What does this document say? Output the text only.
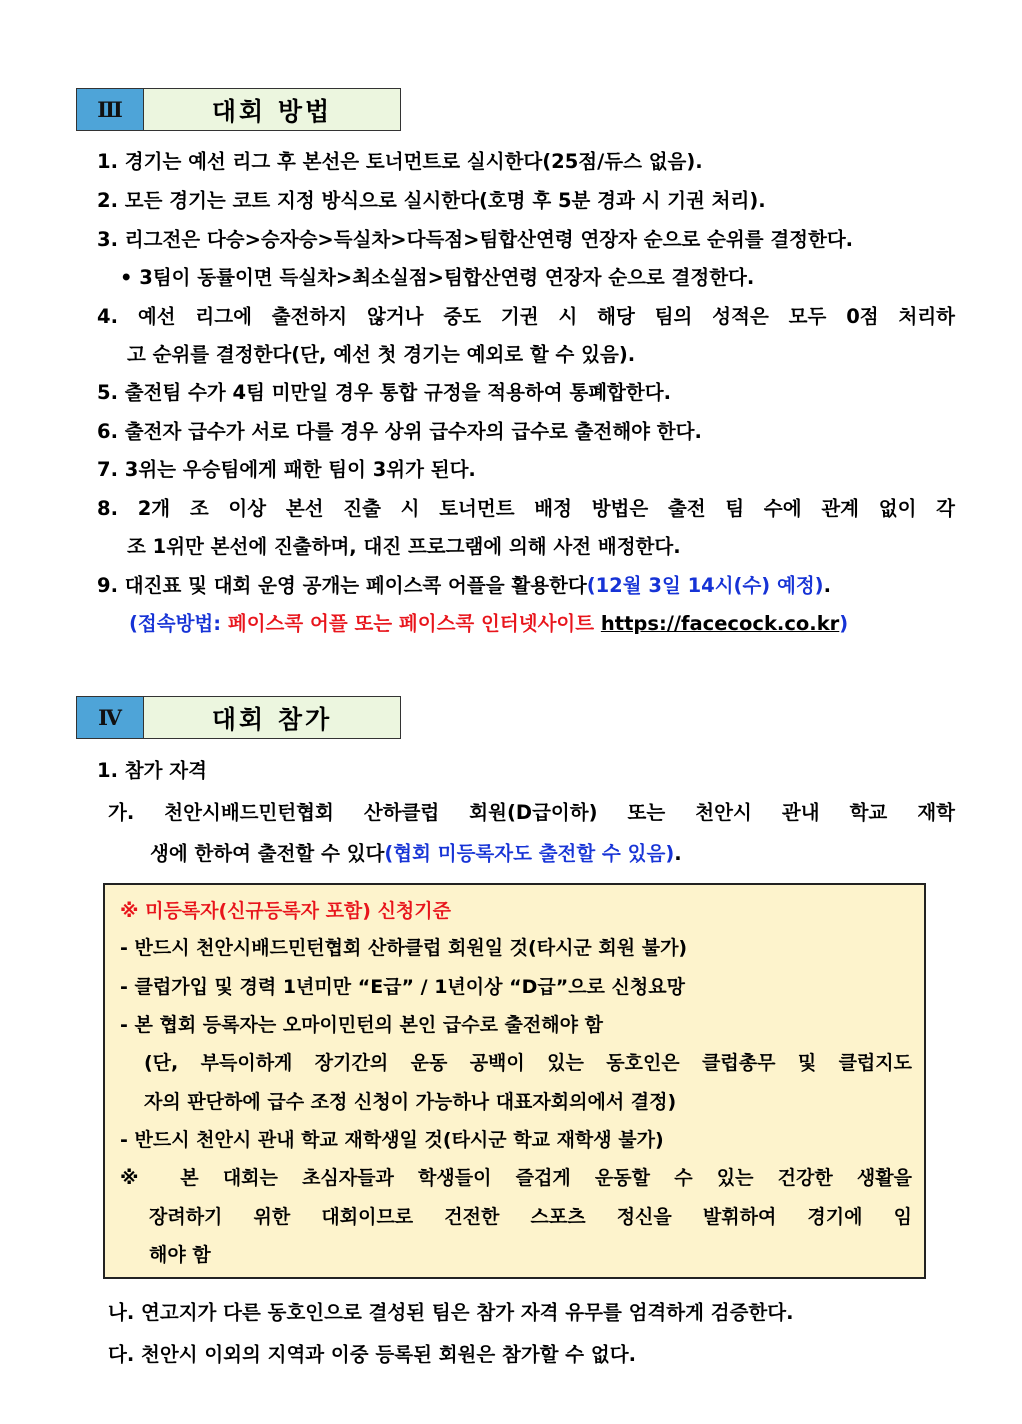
Ⅲ	대회 방법
1. 경기는 예선 리그 후 본선은 토너먼트로 실시한다(25점/듀스 없음).
2. 모든 경기는 코트 지정 방식으로 실시한다(호명 후 5분 경과 시 기권 처리).
3. 리그전은 다승>승자승>득실차>다득점>팀합산연령 연장자 순으로 순위를 결정한다.
• 3팀이 동률이면 득실차>최소실점>팀합산연령 연장자 순으로 결정한다.
4. 예선 리그에 출전하지 않거나 중도 기권 시 해당 팀의 성적은 모두 0점 처리하
고 순위를 결정한다(단, 예선 첫 경기는 예외로 할 수 있음).
5. 출전팀 수가 4팀 미만일 경우 통합 규정을 적용하여 통폐합한다.
6. 출전자 급수가 서로 다를 경우 상위 급수자의 급수로 출전해야 한다.
7. 3위는 우승팀에게 패한 팀이 3위가 된다.
8. 2개 조 이상 본선 진출 시 토너먼트 배정 방법은 출전 팀 수에 관계 없이 각
조 1위만 본선에 진출하며, 대진 프로그램에 의해 사전 배정한다.
9. 대진표 및 대회 운영 공개는 페이스콕 어플을 활용한다(12월 3일 14시(수) 예정).
(접속방법: 페이스콕 어플 또는 페이스콕 인터넷사이트 https://facecock.co.kr)
Ⅳ	대회 참가
1. 참가 자격
가. 천안시배드민턴협회 산하클럽 회원(D급이하) 또는 천안시 관내 학교 재학
생에 한하여 출전할 수 있다(협회 미등록자도 출전할 수 있음).
※ 미등록자(신규등록자 포함) 신청기준
- 반드시 천안시배드민턴협회 산하클럽 회원일 것(타시군 회원 불가)
- 클럽가입 및 경력 1년미만 “E급” / 1년이상 “D급”으로 신청요망
- 본 협회 등록자는 오마이민턴의 본인 급수로 출전해야 함
(단, 부득이하게 장기간의 운동 공백이 있는 동호인은 클럽총무 및 클럽지도
자의 판단하에 급수 조정 신청이 가능하나 대표자회의에서 결정)
- 반드시 천안시 관내 학교 재학생일 것(타시군 학교 재학생 불가)
※ 본 대회는 초심자들과 학생들이 즐겁게 운동할 수 있는 건강한 생활을
장려하기 위한 대회이므로 건전한 스포츠 정신을 발휘하여 경기에 임
해야 함
나. 연고지가 다른 동호인으로 결성된 팀은 참가 자격 유무를 엄격하게 검증한다.
다. 천안시 이외의 지역과 이중 등록된 회원은 참가할 수 없다.
